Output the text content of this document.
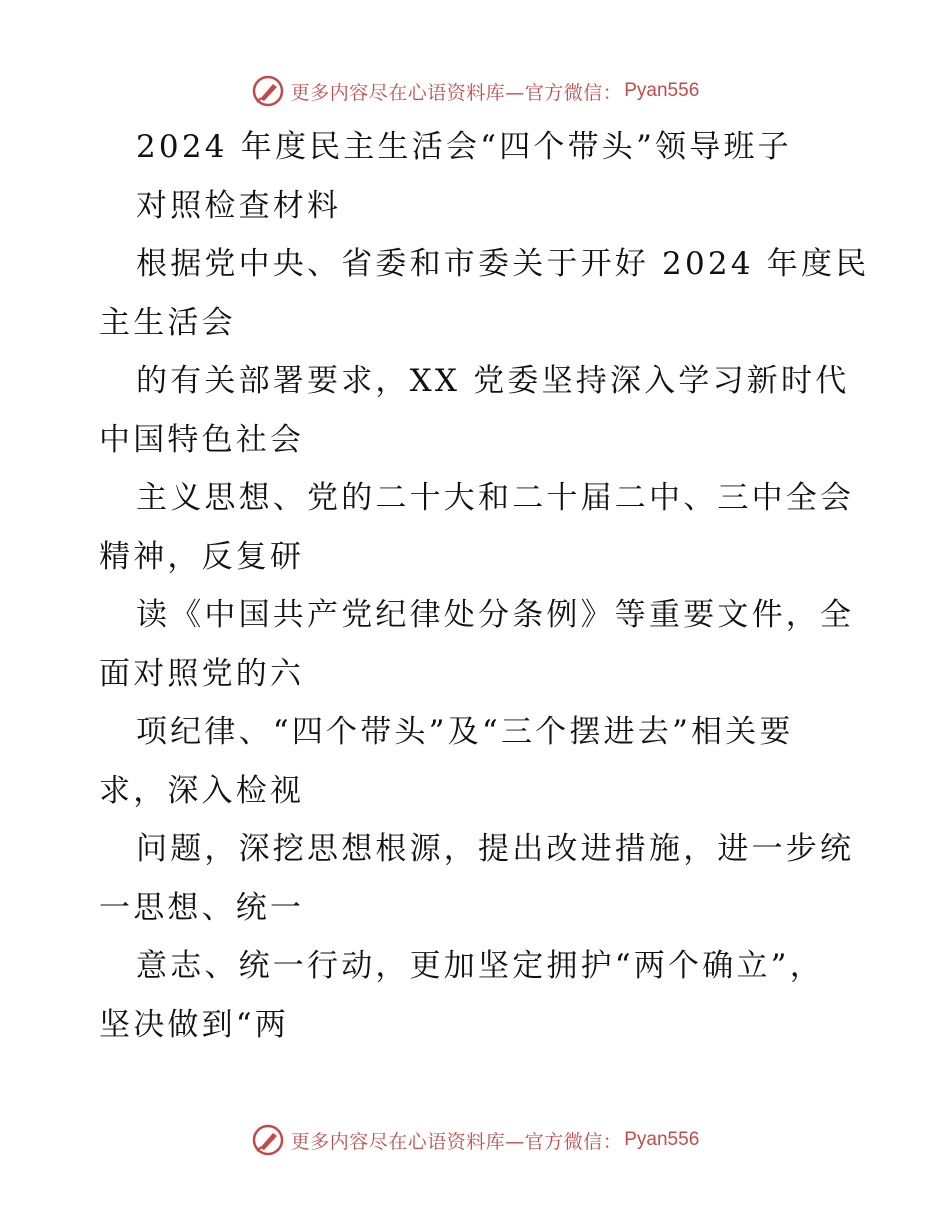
更多内容尽在心语资料库—官方微信： Pyan556
2024 年度民主生活会“四个带头”领导班子
对照检查材料
根据党中央、省委和市委关于开好 2024 年度民
主生活会
的有关部署要求，XX 党委坚持深入学习新时代
中国特色社会
主义思想、党的二十大和二十届二中、三中全会
精神，反复研
读《中国共产党纪律处分条例》等重要文件，全
面对照党的六
项纪律、“四个带头”及“三个摆进去”相关要
求，深入检视
问题，深挖思想根源，提出改进措施，进一步统
一思想、统一
意志、统一行动，更加坚定拥护“两个确立”，
坚决做到“两
更多内容尽在心语资料库—官方微信： Pyan556
